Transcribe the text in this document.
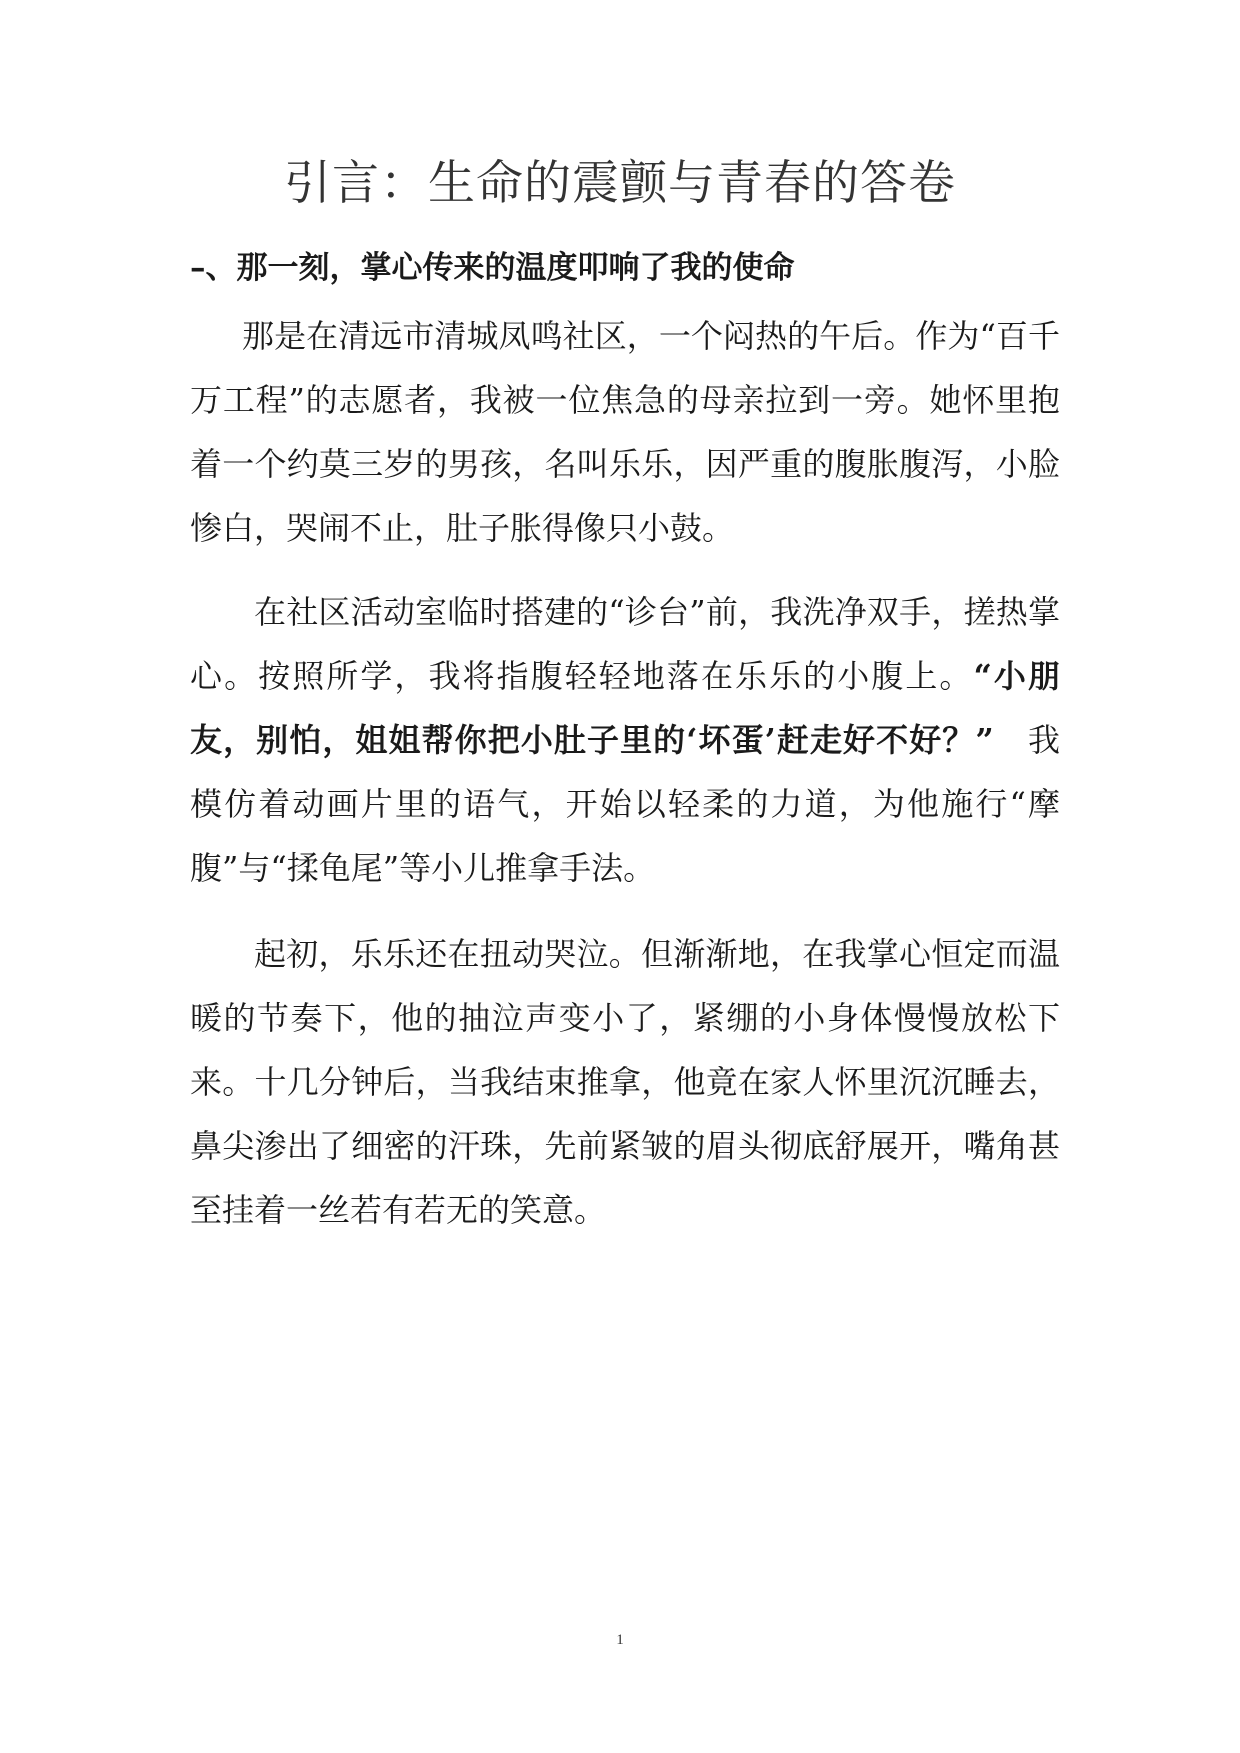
引言：生命的震颤与青春的答卷
–、那一刻，掌心传来的温度叩响了我的使命

那是在清远市清城凤鸣社区，一个闷热的午后。作为“百千万工程”的志愿者，我被一位焦急的母亲拉到一旁。她怀里抱着一个约莫三岁的男孩，名叫乐乐，因严重的腹胀腹泻，小脸惨白，哭闹不止，肚子胀得像只小鼓。

在社区活动室临时搭建的“诊台”前，我洗净双手，搓热掌心。按照所学，我将指腹轻轻地落在乐乐的小腹上。“小朋友，别怕，姐姐帮你把小肚子里的‘坏蛋’赶走好不好？”　我模仿着动画片里的语气，开始以轻柔的力道，为他施行“摩腹”与“揉龟尾”等小儿推拿手法。

起初，乐乐还在扭动哭泣。但渐渐地，在我掌心恒定而温暖的节奏下，他的抽泣声变小了，紧绷的小身体慢慢放松下来。十几分钟后，当我结束推拿，他竟在家人怀里沉沉睡去，鼻尖渗出了细密的汗珠，先前紧皱的眉头彻底舒展开，嘴角甚至挂着一丝若有若无的笑意。

1
